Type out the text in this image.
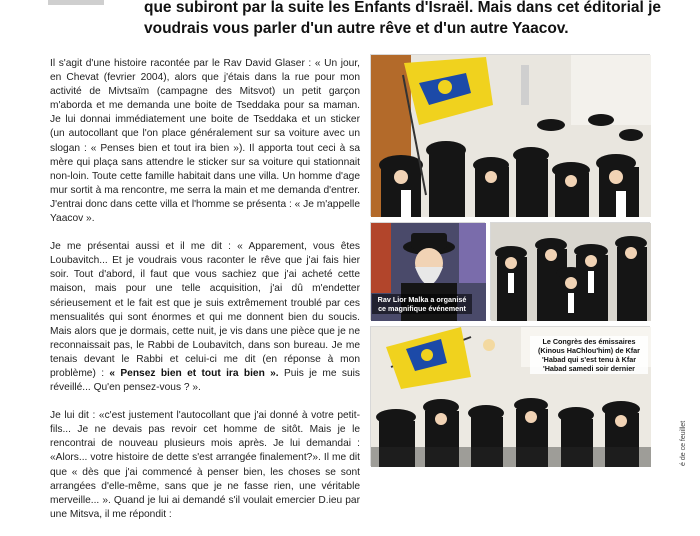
que subiront par la suite les Enfants d'Israël. Mais dans cet éditorial je
voudrais vous parler d'un autre rêve et d'un autre Yaacov.

Il s'agit d'une histoire racontée par le Rav David Glaser : « Un jour, en Chevat (fevrier 2004), alors que j'étais dans la rue pour mon activité de Mivtsaïm (campagne des Mitsvot) un petit garçon m'aborda et me demanda une boite de Tseddaka pour sa maman. Je lui donnai immédiatement une boite de Tseddaka et un sticker (un autocollant que l'on place généralement sur sa voiture avec un slogan : « Penses bien et tout ira bien »). Il apporta tout ceci à sa mère qui plaça sans attendre le sticker sur sa voiture qui stationnait non-loin. Toute cette famille habitait dans une villa. Un homme d'age mur sortit à ma rencontre, me serra la main et me demanda d'entrer. J'entrai donc dans cette villa et l'homme se présenta : « Je m'appelle Yaacov ».

Je me présentai aussi et il me dit : « Apparement, vous êtes Loubavitch... Et je voudrais vous raconter le rêve que j'ai fais hier soir. Tout d'abord, il faut que vous sachiez que j'ai acheté cette maison, mais pour une telle acquisition, j'ai dû m'endetter sérieusement et le fait est que je suis extrêmement troublé par ces mensualités qui sont énormes et qui me donnent bien du soucis. Mais alors que je dormais, cette nuit, je vis dans une pièce que je ne reconnaissait pas, le Rabbi de Loubavitch, dans son bureau. Je me tenais devant le Rabbi et celui-ci me dit (en réponse à mon problème) : « Pensez bien et tout ira bien ». Puis je me suis réveillé... Qu'en pensez-vous ? ».

Je lui dit : «c'est justement l'autocollant que j'ai donné à votre petit-fils... Je ne devais pas revoir cet homme de sitôt. Mais je le rencontrai de nouveau plusieurs mois après. Je lui demandai : «Alors... votre histoire de dette s'est arrangée finalement?». Il me dit que « dès que j'ai commencé à penser bien, les choses se sont arrangées d'elle-même, sans que je ne fasse rien, une véritable merveille... ». Quand je lui ai demandé s'il voulait emercier D.ieu par une Mitsva, il me répondit :

Rav Lior Malka a organisé ce magnifique événement
Le Congrès des émissaires (Kinous HaChlou'him) de Kfar 'Habad qui s'est tenu à Kfar 'Habad samedi soir dernier
é de ce feuillet
